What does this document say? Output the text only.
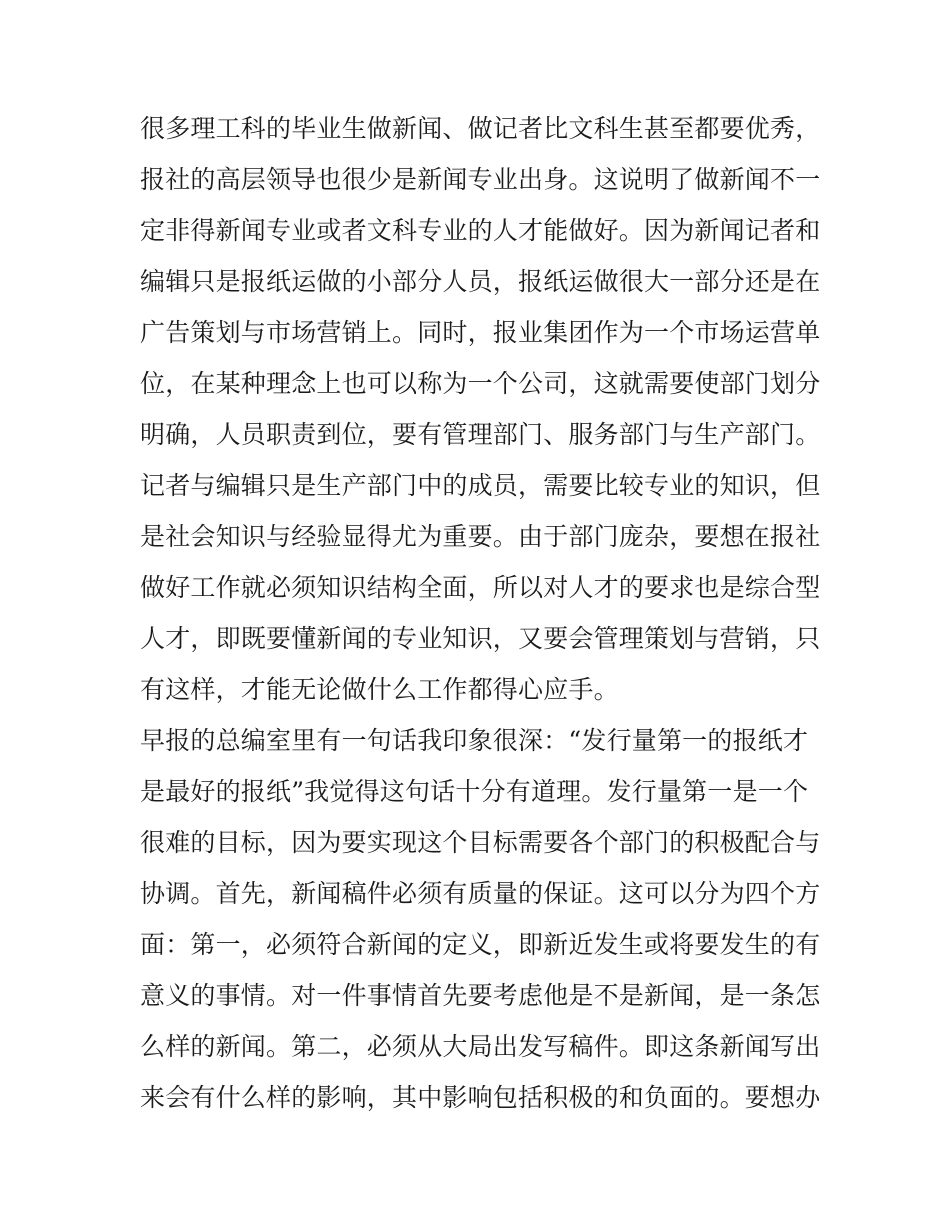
很多理工科的毕业生做新闻、做记者比文科生甚至都要优秀，
报社的高层领导也很少是新闻专业出身。这说明了做新闻不一
定非得新闻专业或者文科专业的人才能做好。因为新闻记者和
编辑只是报纸运做的小部分人员，报纸运做很大一部分还是在
广告策划与市场营销上。同时，报业集团作为一个市场运营单
位，在某种理念上也可以称为一个公司，这就需要使部门划分
明确，人员职责到位，要有管理部门、服务部门与生产部门。
记者与编辑只是生产部门中的成员，需要比较专业的知识，但
是社会知识与经验显得尤为重要。由于部门庞杂，要想在报社
做好工作就必须知识结构全面，所以对人才的要求也是综合型
人才，即既要懂新闻的专业知识，又要会管理策划与营销，只
有这样，才能无论做什么工作都得心应手。
早报的总编室里有一句话我印象很深：“发行量第一的报纸才
是最好的报纸”我觉得这句话十分有道理。发行量第一是一个
很难的目标，因为要实现这个目标需要各个部门的积极配合与
协调。首先，新闻稿件必须有质量的保证。这可以分为四个方
面：第一，必须符合新闻的定义，即新近发生或将要发生的有
意义的事情。对一件事情首先要考虑他是不是新闻，是一条怎
么样的新闻。第二，必须从大局出发写稿件。即这条新闻写出
来会有什么样的影响，其中影响包括积极的和负面的。要想办
